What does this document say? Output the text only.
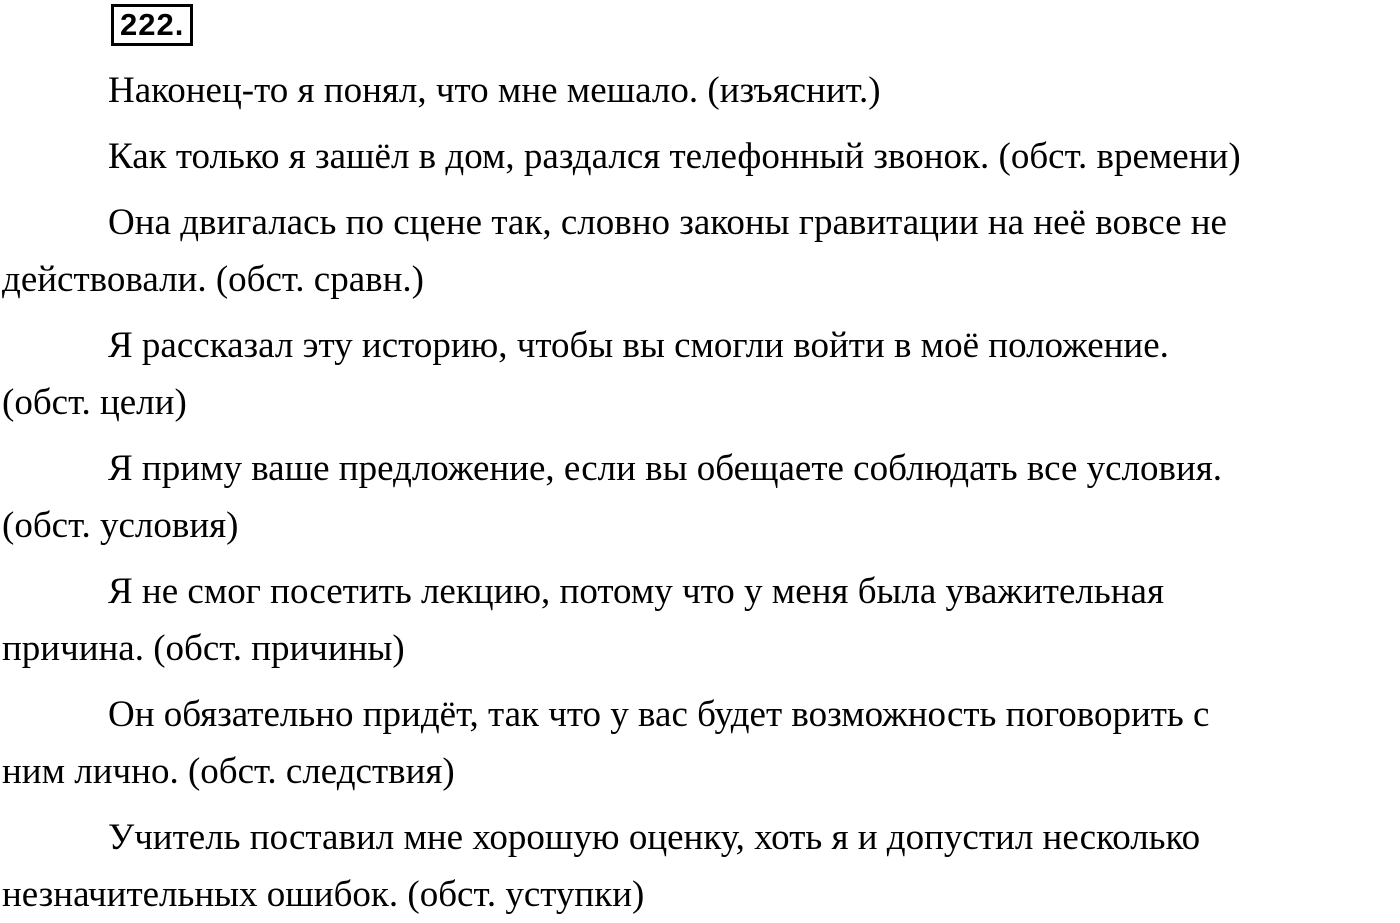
222.
Наконец-то я понял, что мне мешало. (изъяснит.)
Как только я зашёл в дом, раздался телефонный звонок. (обст. времени)
Она двигалась по сцене так, словно законы гравитации на неё вовсе не
действовали. (обст. сравн.)
Я рассказал эту историю, чтобы вы смогли войти в моё положение.
(обст. цели)
Я приму ваше предложение, если вы обещаете соблюдать все условия.
(обст. условия)
Я не смог посетить лекцию, потому что у меня была уважительная
причина. (обст. причины)
Он обязательно придёт, так что у вас будет возможность поговорить с
ним лично. (обст. следствия)
Учитель поставил мне хорошую оценку, хоть я и допустил несколько
незначительных ошибок. (обст. уступки)
